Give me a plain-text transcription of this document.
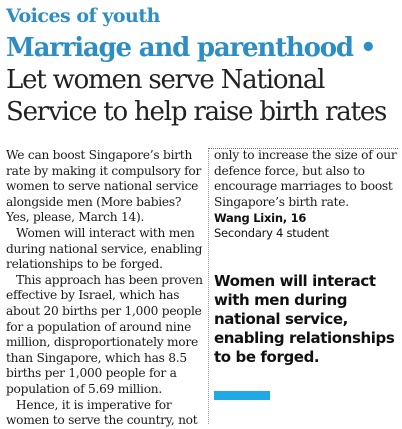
Voices of youth
Marriage and parenthood • Let women serve National Service to help raise birth rates

We can boost Singapore’s birth rate by making it compulsory for women to serve national service alongside men (More babies? Yes, please, March 14).

Women will interact with men during national service, enabling relationships to be forged.

This approach has been proven effective by Israel, which has about 20 births per 1,000 people for a population of around nine million, disproportionately more than Singapore, which has 8.5 births per 1,000 people for a population of 5.69 million.

Hence, it is imperative for women to serve the country, not

only to increase the size of our defence force, but also to encourage marriages to boost Singapore’s birth rate.

Wang Lixin, 16
Secondary 4 student
Women will interact with men during national service, enabling relationships to be forged.
